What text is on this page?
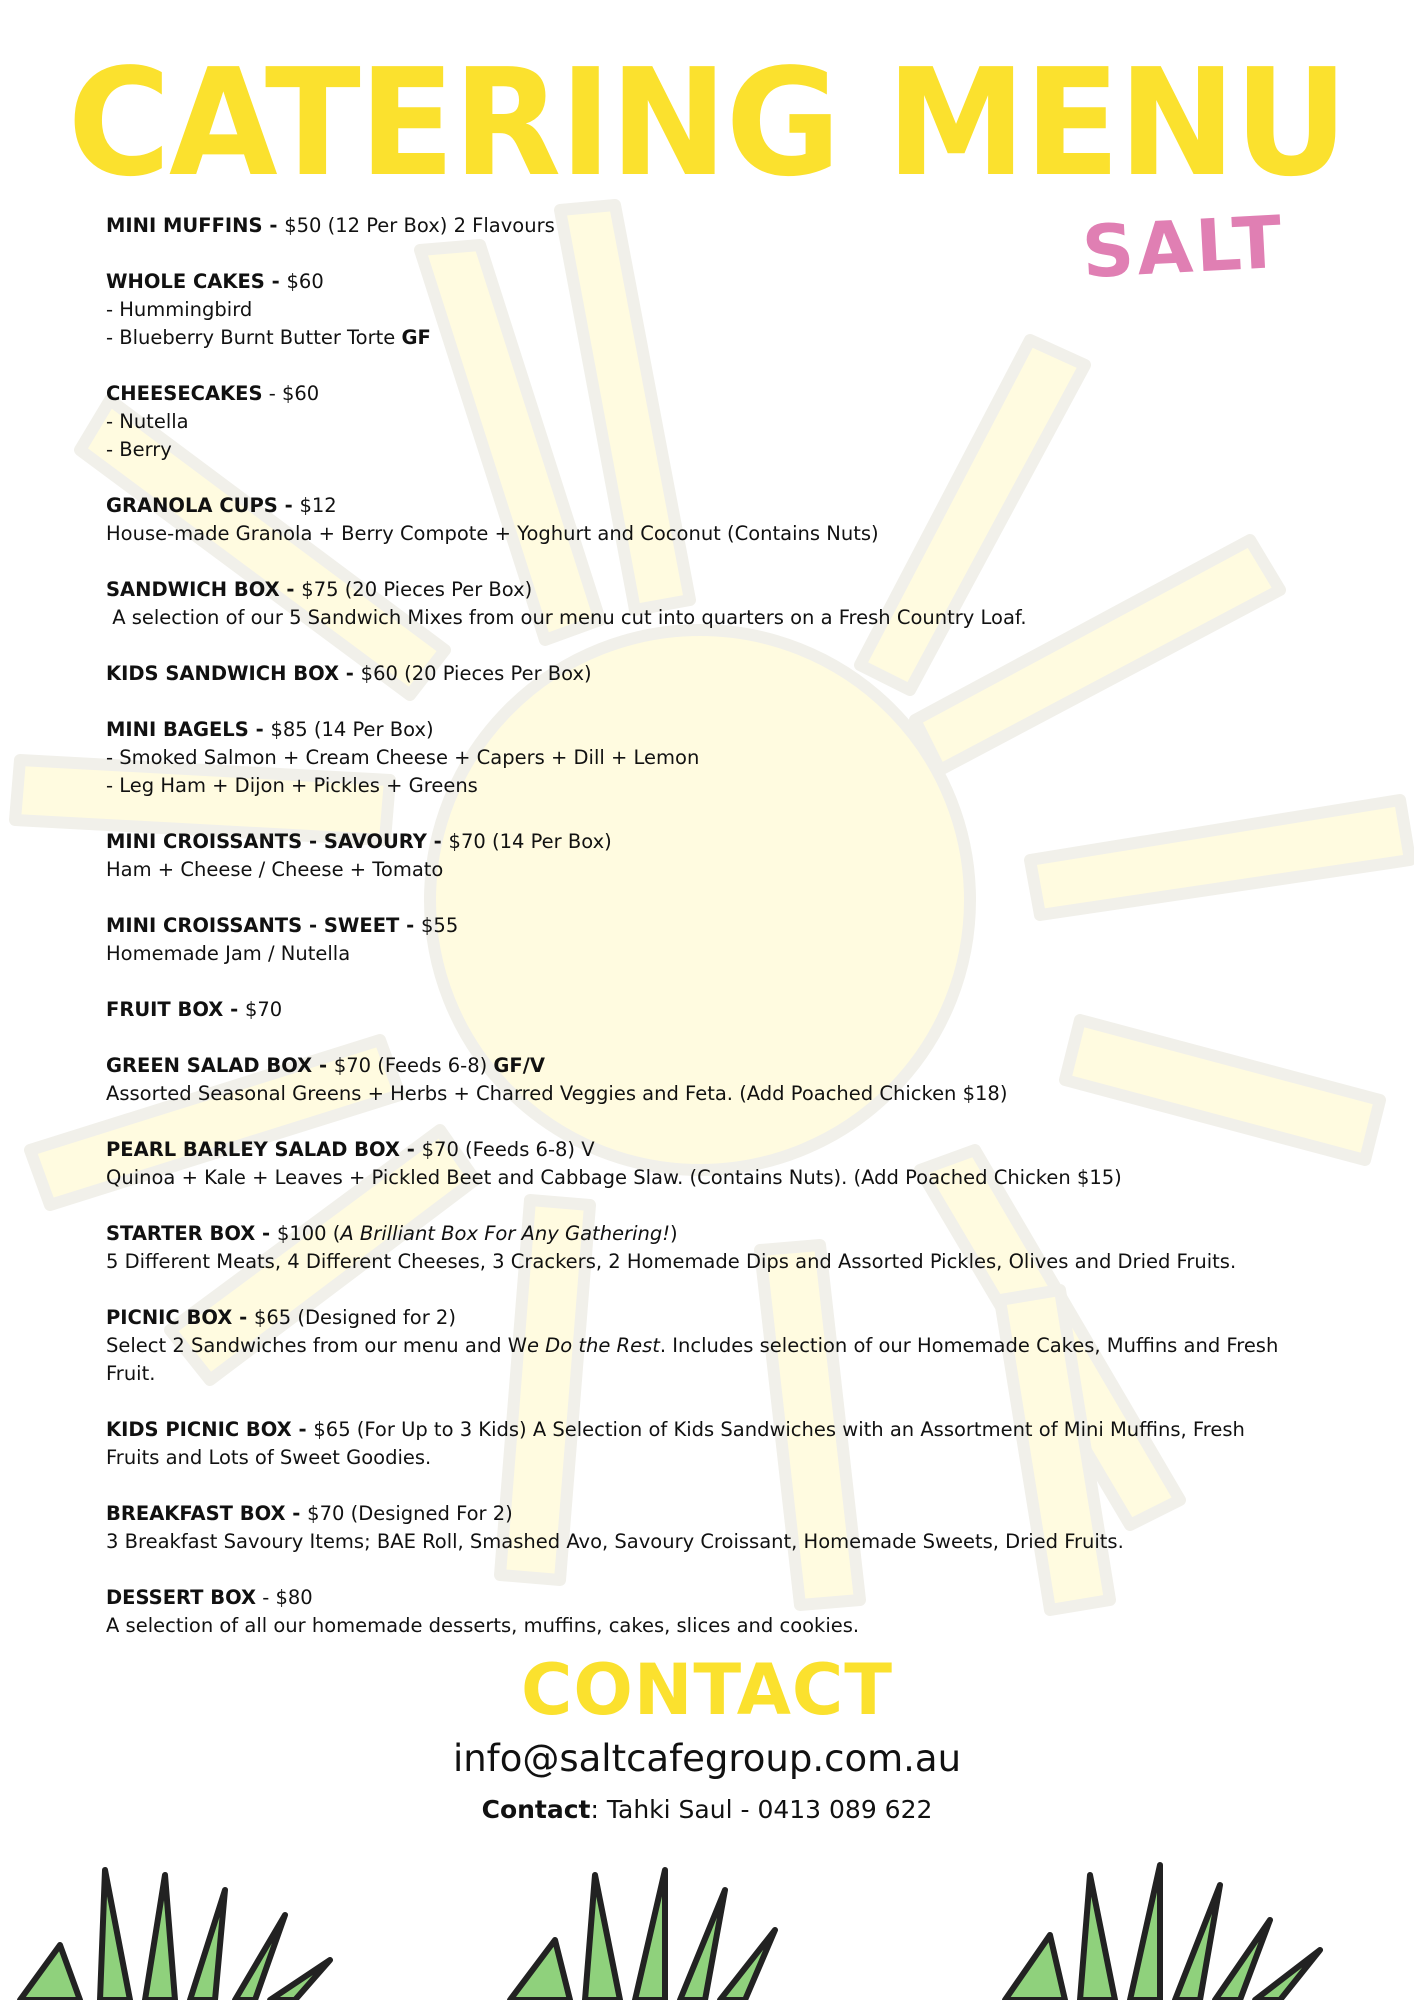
CATERING MENU
SALT
MINI MUFFINS - $50 (12 Per Box) 2 Flavours
WHOLE CAKES - $60
- Hummingbird
- Blueberry Burnt Butter Torte GF
CHEESECAKES - $60
- Nutella
- Berry
GRANOLA CUPS - $12
House-made Granola + Berry Compote + Yoghurt and Coconut (Contains Nuts)
SANDWICH BOX - $75 (20 Pieces Per Box)
A selection of our 5 Sandwich Mixes from our menu cut into quarters on a Fresh Country Loaf.
KIDS SANDWICH BOX - $60 (20 Pieces Per Box)
MINI BAGELS - $85 (14 Per Box)
- Smoked Salmon + Cream Cheese + Capers + Dill + Lemon
- Leg Ham + Dijon + Pickles + Greens
MINI CROISSANTS - SAVOURY - $70 (14 Per Box)
Ham + Cheese / Cheese + Tomato
MINI CROISSANTS - SWEET - $55
Homemade Jam / Nutella
FRUIT BOX - $70
GREEN SALAD BOX - $70 (Feeds 6-8) GF/V
Assorted Seasonal Greens + Herbs + Charred Veggies and Feta. (Add Poached Chicken $18)
PEARL BARLEY SALAD BOX - $70 (Feeds 6-8) V
Quinoa + Kale + Leaves + Pickled Beet and Cabbage Slaw. (Contains Nuts). (Add Poached Chicken $15)
STARTER BOX - $100 (A Brilliant Box For Any Gathering!)
5 Different Meats, 4 Different Cheeses, 3 Crackers, 2 Homemade Dips and Assorted Pickles, Olives and Dried Fruits.
PICNIC BOX - $65 (Designed for 2)
Select 2 Sandwiches from our menu and We Do the Rest. Includes selection of our Homemade Cakes, Muffins and Fresh Fruit.
KIDS PICNIC BOX - $65 (For Up to 3 Kids) A Selection of Kids Sandwiches with an Assortment of Mini Muffins, Fresh Fruits and Lots of Sweet Goodies.
BREAKFAST BOX - $70 (Designed For 2)
3 Breakfast Savoury Items; BAE Roll, Smashed Avo, Savoury Croissant, Homemade Sweets, Dried Fruits.
DESSERT BOX - $80
A selection of all our homemade desserts, muffins, cakes, slices and cookies.
CONTACT
info@saltcafegroup.com.au
Contact: Tahki Saul - 0413 089 622
